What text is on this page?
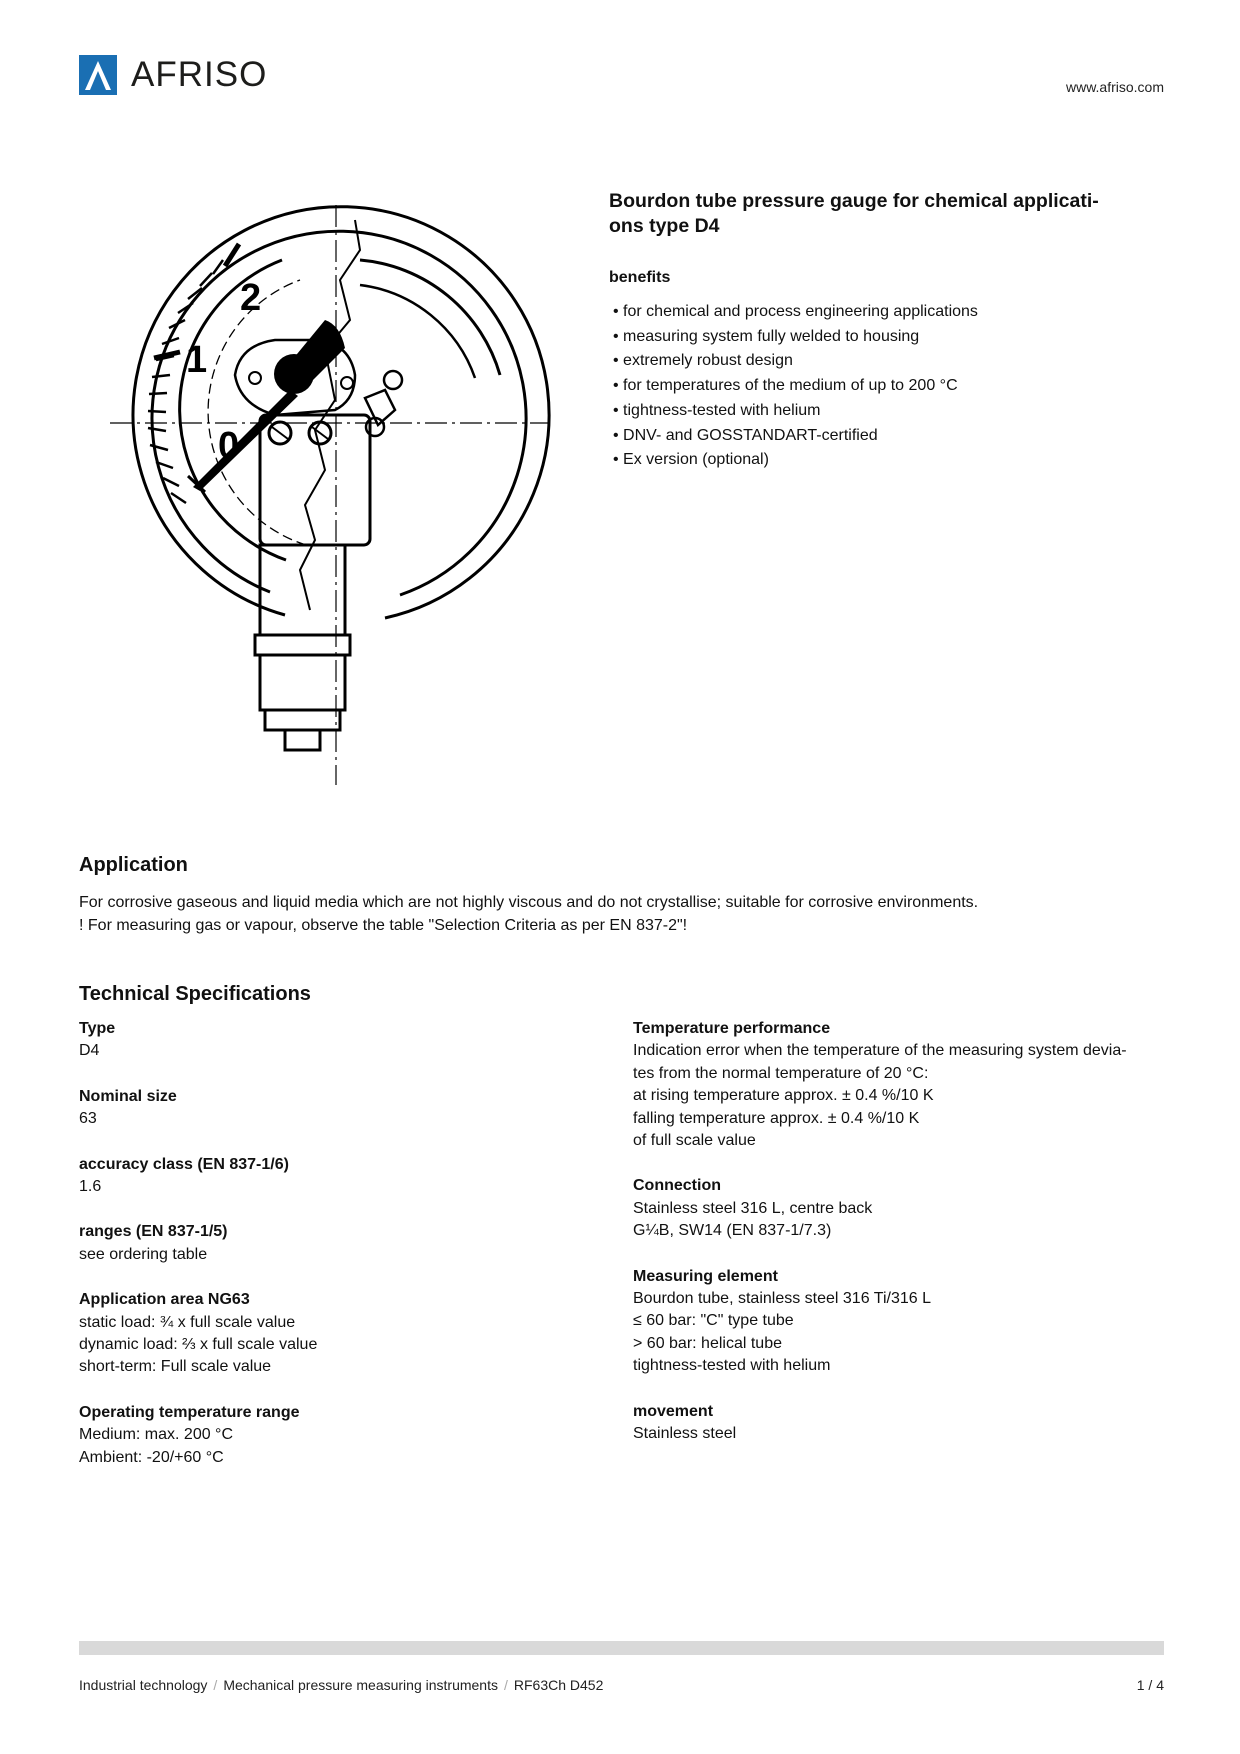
AFRISO	www.afriso.com
0
1
2
Bourdon tube pressure gauge for chemical applicati-
ons type D4
benefits
• for chemical and process engineering applications
• measuring system fully welded to housing
• extremely robust design
• for temperatures of the medium of up to 200 °C
• tightness-tested with helium
• DNV- and GOSSTANDART-certified
• Ex version (optional)
Application

For corrosive gaseous and liquid media which are not highly viscous and do not crystallise; suitable for corrosive environments.

! For measuring gas or vapour, observe the table "Selection Criteria as per EN 837-2"!

Technical Specifications
Type
D4
Nominal size
63
accuracy class (EN 837-1/6)
1.6
ranges (EN 837-1/5)
see ordering table
Application area NG63
static load: ¾ x full scale value
dynamic load: ⅔ x full scale value
short-term: Full scale value
Operating temperature range
Medium: max. 200 °C
Ambient: -20/+60 °C
Temperature performance
Indication error when the temperature of the measuring system devia-
tes from the normal temperature of 20 °C:
at rising temperature approx. ± 0.4 %/10 K
falling temperature approx. ± 0.4 %/10 K
of full scale value
Connection
Stainless steel 316 L, centre back
G¼B, SW14 (EN 837-1/7.3)
Measuring element
Bourdon tube, stainless steel 316 Ti/316 L
≤ 60 bar: "C" type tube
> 60 bar: helical tube
tightness-tested with helium
movement
Stainless steel
Industrial technology / Mechanical pressure measuring instruments / RF63Ch D452	1 / 4
